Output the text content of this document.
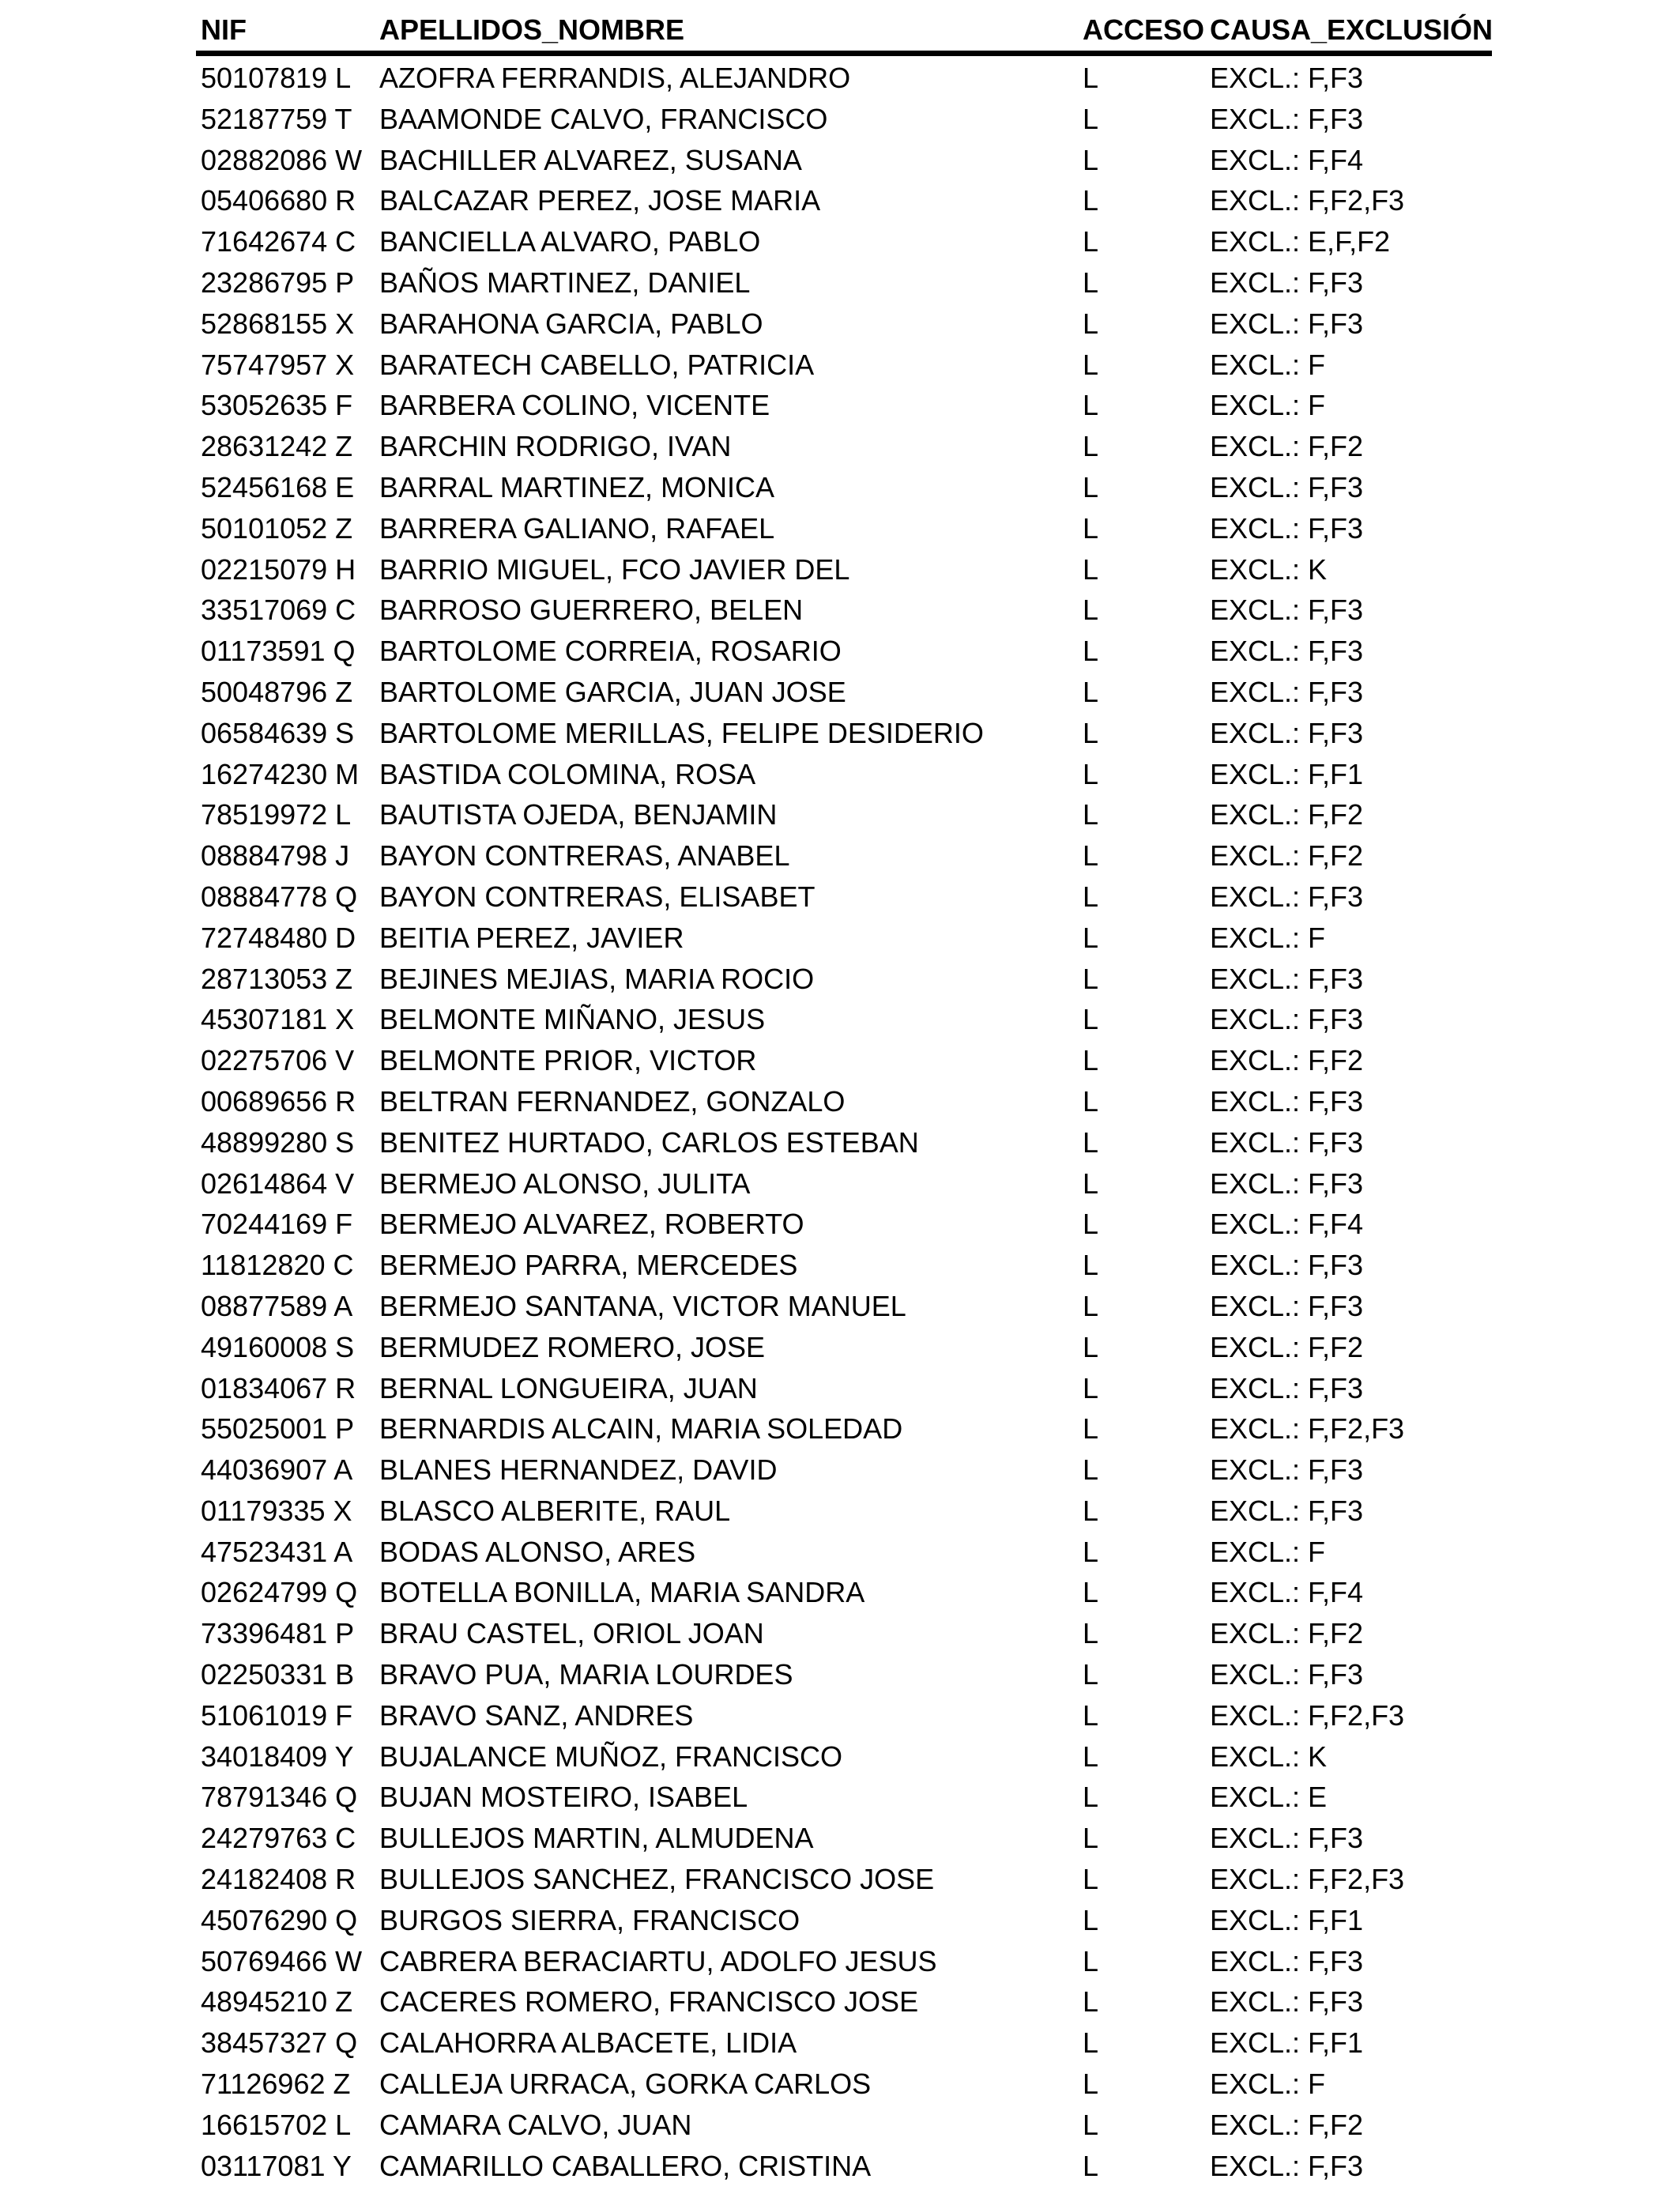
NIF	APELLIDOS_NOMBRE	ACCESO CAUSA_EXCLUSIÓN
50107819 L AZOFRA FERRANDIS, ALEJANDRO	L	EXCL.: F,F3
52187759 T BAAMONDE CALVO, FRANCISCO	L	EXCL.: F,F3
02882086 W BACHILLER ALVAREZ, SUSANA	L	EXCL.: F,F4
05406680 R BALCAZAR PEREZ, JOSE MARIA	L	EXCL.: F,F2,F3
71642674 C BANCIELLA ALVARO, PABLO	L	EXCL.: E,F,F2
23286795 P BAÑOS MARTINEZ, DANIEL	L	EXCL.: F,F3
52868155 X BARAHONA GARCIA, PABLO	L	EXCL.: F,F3
75747957 X BARATECH CABELLO, PATRICIA	L	EXCL.: F
53052635 F BARBERA COLINO, VICENTE	L	EXCL.: F
28631242 Z BARCHIN RODRIGO, IVAN	L	EXCL.: F,F2
52456168 E BARRAL MARTINEZ, MONICA	L	EXCL.: F,F3
50101052 Z BARRERA GALIANO, RAFAEL	L	EXCL.: F,F3
02215079 H BARRIO MIGUEL, FCO JAVIER DEL	L	EXCL.: K
33517069 C BARROSO GUERRERO, BELEN	L	EXCL.: F,F3
01173591 Q BARTOLOME CORREIA, ROSARIO	L	EXCL.: F,F3
50048796 Z BARTOLOME GARCIA, JUAN JOSE	L	EXCL.: F,F3
06584639 S BARTOLOME MERILLAS, FELIPE DESIDERIO	L	EXCL.: F,F3
16274230 M BASTIDA COLOMINA, ROSA	L	EXCL.: F,F1
78519972 L BAUTISTA OJEDA, BENJAMIN	L	EXCL.: F,F2
08884798 J BAYON CONTRERAS, ANABEL	L	EXCL.: F,F2
08884778 Q BAYON CONTRERAS, ELISABET	L	EXCL.: F,F3
72748480 D BEITIA PEREZ, JAVIER	L	EXCL.: F
28713053 Z BEJINES MEJIAS, MARIA ROCIO	L	EXCL.: F,F3
45307181 X BELMONTE MIÑANO, JESUS	L	EXCL.: F,F3
02275706 V BELMONTE PRIOR, VICTOR	L	EXCL.: F,F2
00689656 R BELTRAN FERNANDEZ, GONZALO	L	EXCL.: F,F3
48899280 S BENITEZ HURTADO, CARLOS ESTEBAN	L	EXCL.: F,F3
02614864 V BERMEJO ALONSO, JULITA	L	EXCL.: F,F3
70244169 F BERMEJO ALVAREZ, ROBERTO	L	EXCL.: F,F4
11812820 C BERMEJO PARRA, MERCEDES	L	EXCL.: F,F3
08877589 A BERMEJO SANTANA, VICTOR MANUEL	L	EXCL.: F,F3
49160008 S BERMUDEZ ROMERO, JOSE	L	EXCL.: F,F2
01834067 R BERNAL LONGUEIRA, JUAN	L	EXCL.: F,F3
55025001 P BERNARDIS ALCAIN, MARIA SOLEDAD	L	EXCL.: F,F2,F3
44036907 A BLANES HERNANDEZ, DAVID	L	EXCL.: F,F3
01179335 X BLASCO ALBERITE, RAUL	L	EXCL.: F,F3
47523431 A BODAS ALONSO, ARES	L	EXCL.: F
02624799 Q BOTELLA BONILLA, MARIA SANDRA	L	EXCL.: F,F4
73396481 P BRAU CASTEL, ORIOL JOAN	L	EXCL.: F,F2
02250331 B BRAVO PUA, MARIA LOURDES	L	EXCL.: F,F3
51061019 F BRAVO SANZ, ANDRES	L	EXCL.: F,F2,F3
34018409 Y BUJALANCE MUÑOZ, FRANCISCO	L	EXCL.: K
78791346 Q BUJAN MOSTEIRO, ISABEL	L	EXCL.: E
24279763 C BULLEJOS MARTIN, ALMUDENA	L	EXCL.: F,F3
24182408 R BULLEJOS SANCHEZ, FRANCISCO JOSE	L	EXCL.: F,F2,F3
45076290 Q BURGOS SIERRA, FRANCISCO	L	EXCL.: F,F1
50769466 W CABRERA BERACIARTU, ADOLFO JESUS	L	EXCL.: F,F3
48945210 Z CACERES ROMERO, FRANCISCO JOSE	L	EXCL.: F,F3
38457327 Q CALAHORRA ALBACETE, LIDIA	L	EXCL.: F,F1
71126962 Z CALLEJA URRACA, GORKA CARLOS	L	EXCL.: F
16615702 L CAMARA CALVO, JUAN	L	EXCL.: F,F2
03117081 Y CAMARILLO CABALLERO, CRISTINA	L	EXCL.: F,F3
